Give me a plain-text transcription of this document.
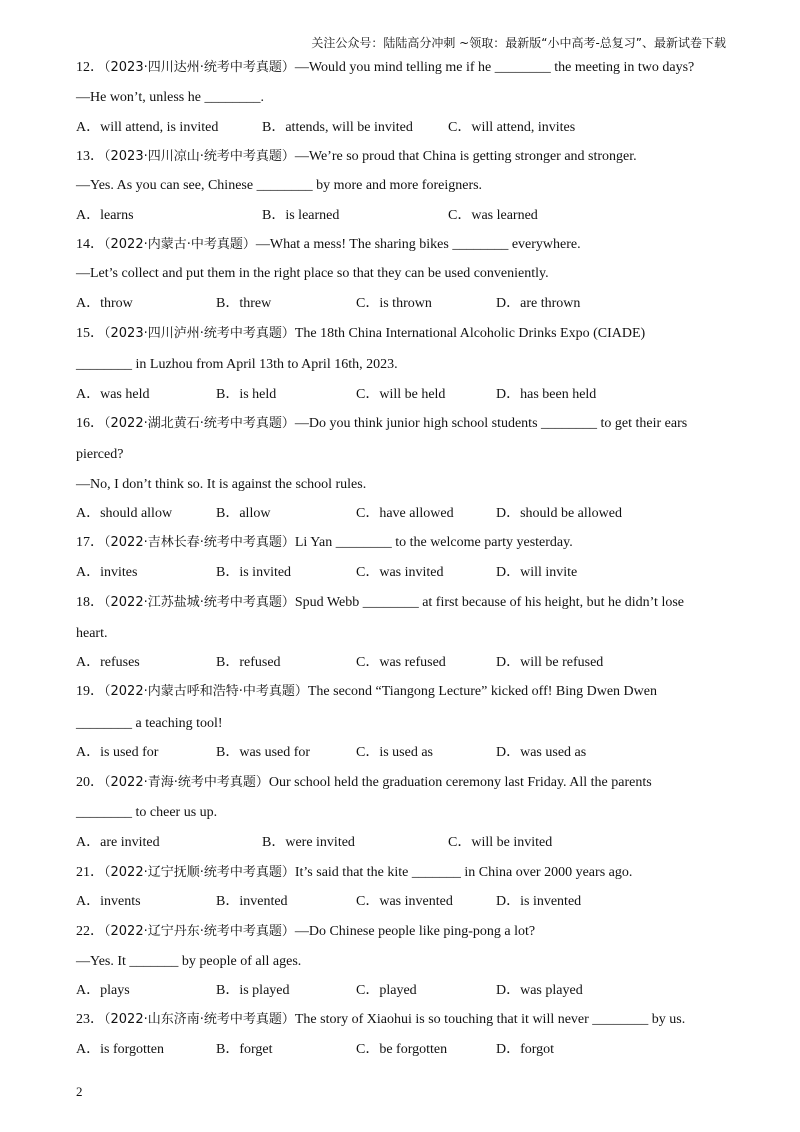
关注公众号：陆陆高分冲刺 ~领取：最新版“小中高考-总复习”、最新试卷下载
12．（2023·四川达州·统考中考真题）—Would you mind telling me if he ________ the meeting in two days?
—He won’t, unless he ________.
A．will attend, is invited	B．attends, will be invited	C．will attend, invites
13．（2023·四川凉山·统考中考真题）—We’re so proud that China is getting stronger and stronger.
—Yes. As you can see, Chinese ________ by more and more foreigners.
A．learns	B．is learned	C．was learned
14．（2022·内蒙古·中考真题）—What a mess! The sharing bikes ________ everywhere.
—Let’s collect and put them in the right place so that they can be used conveniently.
A．throw	B．threw	C．is thrown	D．are thrown
15．（2023·四川泸州·统考中考真题）The 18th China International Alcoholic Drinks Expo (CIADE)
________ in Luzhou from April 13th to April 16th, 2023.
A．was held	B．is held	C．will be held	D．has been held
16．（2022·湖北黄石·统考中考真题）—Do you think junior high school students ________ to get their ears
pierced?
—No, I don’t think so. It is against the school rules.
A．should allow	B．allow	C．have allowed	D．should be allowed
17．（2022·吉林长春·统考中考真题）Li Yan ________ to the welcome party yesterday.
A．invites	B．is invited	C．was invited	D．will invite
18．（2022·江苏盐城·统考中考真题）Spud Webb ________ at first because of his height, but he didn’t lose
heart.
A．refuses	B．refused	C．was refused	D．will be refused
19．（2022·内蒙古呼和浩特·中考真题）The second “Tiangong Lecture” kicked off! Bing Dwen Dwen
________ a teaching tool!
A．is used for	B．was used for	C．is used as	D．was used as
20．（2022·青海·统考中考真题）Our school held the graduation ceremony last Friday. All the parents
________ to cheer us up.
A．are invited	B．were invited	C．will be invited
21．（2022·辽宁抚顺·统考中考真题）It’s said that the kite _______ in China over 2000 years ago.
A．invents	B．invented	C．was invented	D．is invented
22．（2022·辽宁丹东·统考中考真题）—Do Chinese people like ping-pong a lot?
—Yes. It _______ by people of all ages.
A．plays	B．is played	C．played	D．was played
23．（2022·山东济南·统考中考真题）The story of Xiaohui is so touching that it will never ________ by us.
A．is forgotten	B．forget	C．be forgotten	D．forgot
2
